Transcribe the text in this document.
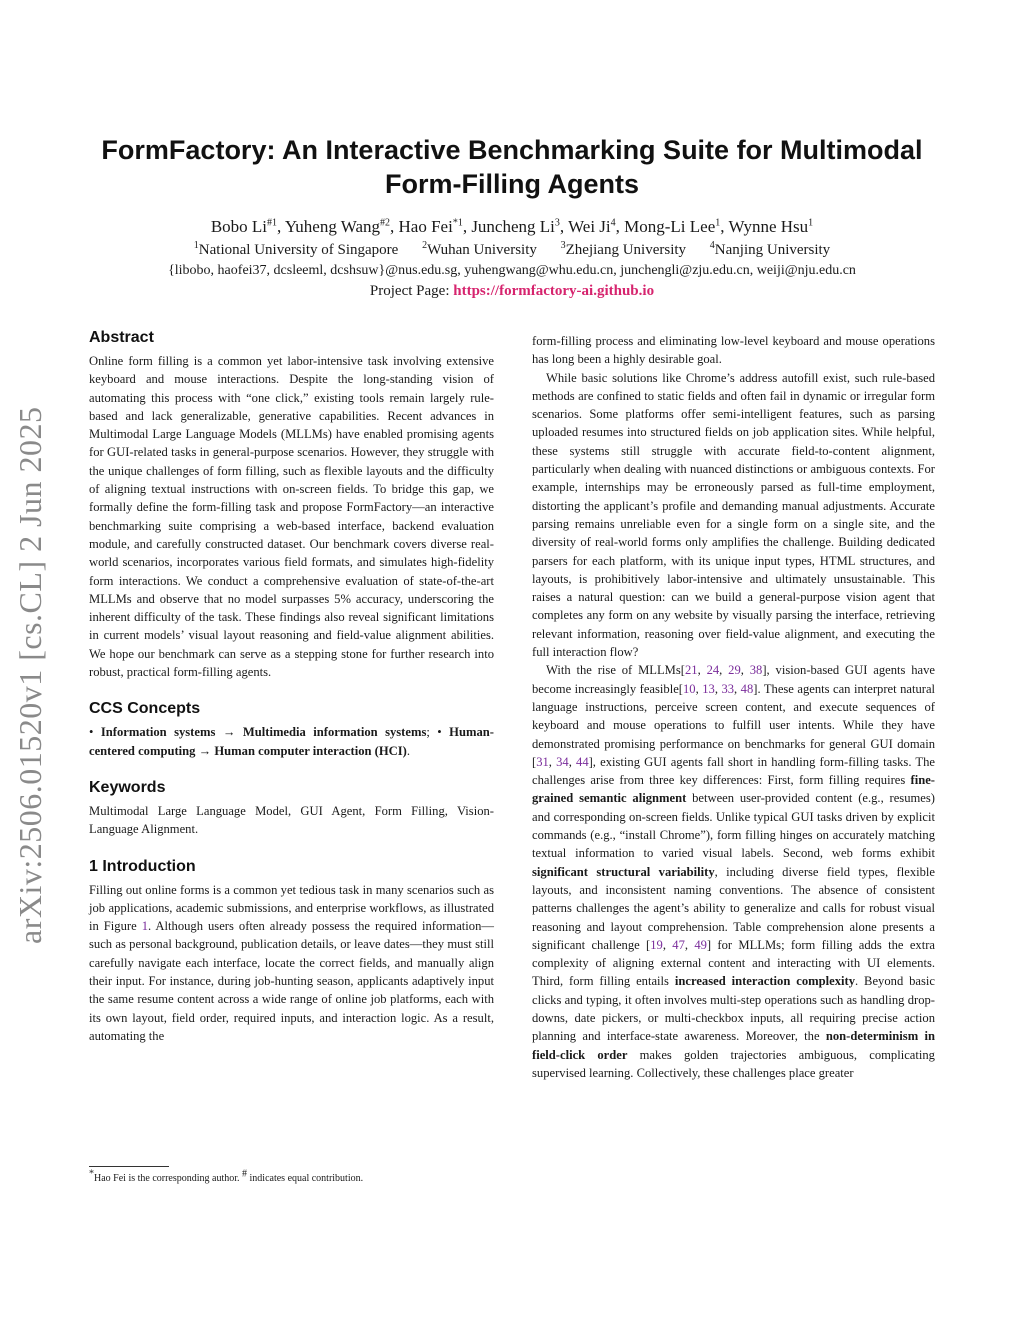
arXiv:2506.01520v1 [cs.CL] 2 Jun 2025
FormFactory: An Interactive Benchmarking Suite for Multimodal
Form-Filling Agents
Bobo Li$^{\#1}$, Yuheng Wang$^{\#2}$, Hao Fei$^{*1}$, Juncheng Li$^3$, Wei Ji$^4$, Mong-Li Lee$^1$, Wynne Hsu$^1$
$^1$National University of Singapore $^2$Wuhan University $^3$Zhejiang University $^4$Nanjing University
{libobo, haofei37, dcsleeml, dcshsuw}@nus.edu.sg, yuhengwang@whu.edu.cn, junchengli@zju.edu.cn, weiji@nju.edu.cn
Project Page: https://formfactory-ai.github.io
Abstract

Online form filling is a common yet labor-intensive task involving extensive keyboard and mouse interactions. Despite the long-standing vision of automating this process with “one click,” existing tools remain largely rule-based and lack generalizable, generative capabilities. Recent advances in Multimodal Large Language Models (MLLMs) have enabled promising agents for GUI-related tasks in general-purpose scenarios. However, they struggle with the unique challenges of form filling, such as flexible layouts and the difficulty of aligning textual instructions with on-screen fields. To bridge this gap, we formally define the form-filling task and propose FormFactory—an interactive benchmarking suite comprising a web-based interface, backend evaluation module, and carefully constructed dataset. Our benchmark covers diverse real-world scenarios, incorporates various field formats, and simulates high-fidelity form interactions. We conduct a comprehensive evaluation of state-of-the-art MLLMs and observe that no model surpasses 5% accuracy, underscoring the inherent difficulty of the task. These findings also reveal significant limitations in current models’ visual layout reasoning and field-value alignment abilities. We hope our benchmark can serve as a stepping stone for further research into robust, practical form-filling agents.

CCS Concepts

• Information systems → Multimedia information systems; • Human-centered computing → Human computer interaction (HCI).

Keywords

Multimodal Large Language Model, GUI Agent, Form Filling, Vision-Language Alignment.

1 Introduction

Filling out online forms is a common yet tedious task in many scenarios such as job applications, academic submissions, and enterprise workflows, as illustrated in Figure 1. Although users often already possess the required information—such as personal background, publication details, or leave dates—they must still carefully navigate each interface, locate the correct fields, and manually align their input. For instance, during job-hunting season, applicants adaptively input the same resume content across a wide range of online job platforms, each with its own layout, field order, required inputs, and interaction logic. As a result, automating the

*Hao Fei is the corresponding author. # indicates equal contribution.

form-filling process and eliminating low-level keyboard and mouse operations has long been a highly desirable goal.

While basic solutions like Chrome’s address autofill exist, such rule-based methods are confined to static fields and often fail in dynamic or irregular form scenarios. Some platforms offer semi-intelligent features, such as parsing uploaded resumes into structured fields on job application sites. While helpful, these systems still struggle with accurate field-to-content alignment, particularly when dealing with nuanced distinctions or ambiguous contexts. For example, internships may be erroneously parsed as full-time employment, distorting the applicant’s profile and demanding manual adjustments. Accurate parsing remains unreliable even for a single form on a single site, and the diversity of real-world forms only amplifies the challenge. Building dedicated parsers for each platform, with its unique input types, HTML structures, and layouts, is prohibitively labor-intensive and ultimately unsustainable. This raises a natural question: can we build a general-purpose vision agent that completes any form on any website by visually parsing the interface, retrieving relevant information, reasoning over field-value alignment, and executing the full interaction flow?

With the rise of MLLMs[21, 24, 29, 38], vision-based GUI agents have become increasingly feasible[10, 13, 33, 48]. These agents can interpret natural language instructions, perceive screen content, and execute sequences of keyboard and mouse operations to fulfill user intents. While they have demonstrated promising performance on benchmarks for general GUI domain [31, 34, 44], existing GUI agents fall short in handling form-filling tasks. The challenges arise from three key differences: First, form filling requires fine-grained semantic alignment between user-provided content (e.g., resumes) and corresponding on-screen fields. Unlike typical GUI tasks driven by explicit commands (e.g., “install Chrome”), form filling hinges on accurately matching textual information to varied visual labels. Second, web forms exhibit significant structural variability, including diverse field types, flexible layouts, and inconsistent naming conventions. The absence of consistent patterns challenges the agent’s ability to generalize and calls for robust visual reasoning and layout comprehension. Table comprehension alone presents a significant challenge [19, 47, 49] for MLLMs; form filling adds the extra complexity of aligning external content and interacting with UI elements. Third, form filling entails increased interaction complexity. Beyond basic clicks and typing, it often involves multi-step operations such as handling drop-downs, date pickers, or multi-checkbox inputs, all requiring precise action planning and interface-state awareness. Moreover, the non-determinism in field-click order makes golden trajectories ambiguous, complicating supervised learning. Collectively, these challenges place greater
